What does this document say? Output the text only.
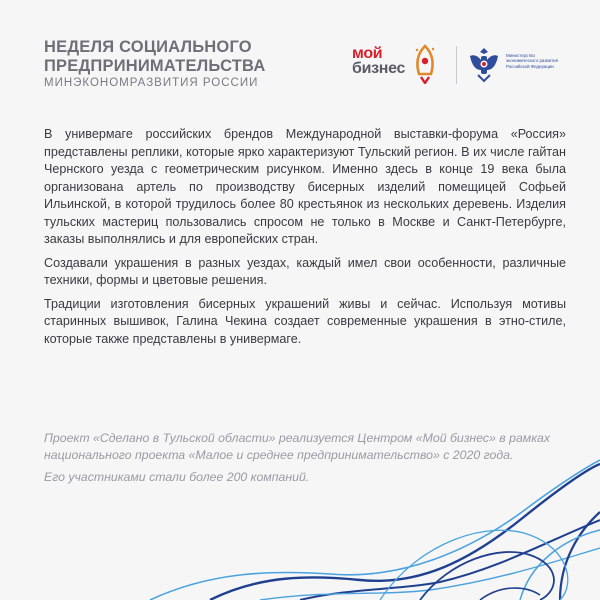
НЕДЕЛЯ СОЦИАЛЬНОГО
ПРЕДПРИНИМАТЕЛЬСТВА
МИНЭКОНОМРАЗВИТИЯ РОССИИ
мой
бизнес
Министерство
экономического развития
Российской Федерации

В универмаге российских брендов Международной выставки-форума «Россия» представлены реплики, которые ярко характеризуют Тульский регион. В их числе гайтан Чернского уезда с геометрическим рисунком. Именно здесь в конце 19 века была организована артель по производству бисерных изделий помещицей Софьей Ильинской, в которой трудилось более 80 крестьянок из нескольких деревень. Изделия тульских мастериц пользовались спросом не только в Москве и Санкт-Петербурге, заказы выполнялись и для европейских стран.

Создавали украшения в разных уездах, каждый имел свои особенности, различные техники, формы и цветовые решения.

Традиции изготовления бисерных украшений живы и сейчас. Используя мотивы старинных вышивок, Галина Чекина создает современные украшения в этно-стиле, которые также представлены в универмаге.

Проект «Сделано в Тульской области» реализуется Центром «Мой бизнес» в рамках национального проекта «Малое и среднее предпринимательство» с 2020 года.

Его участниками стали более 200 компаний.
